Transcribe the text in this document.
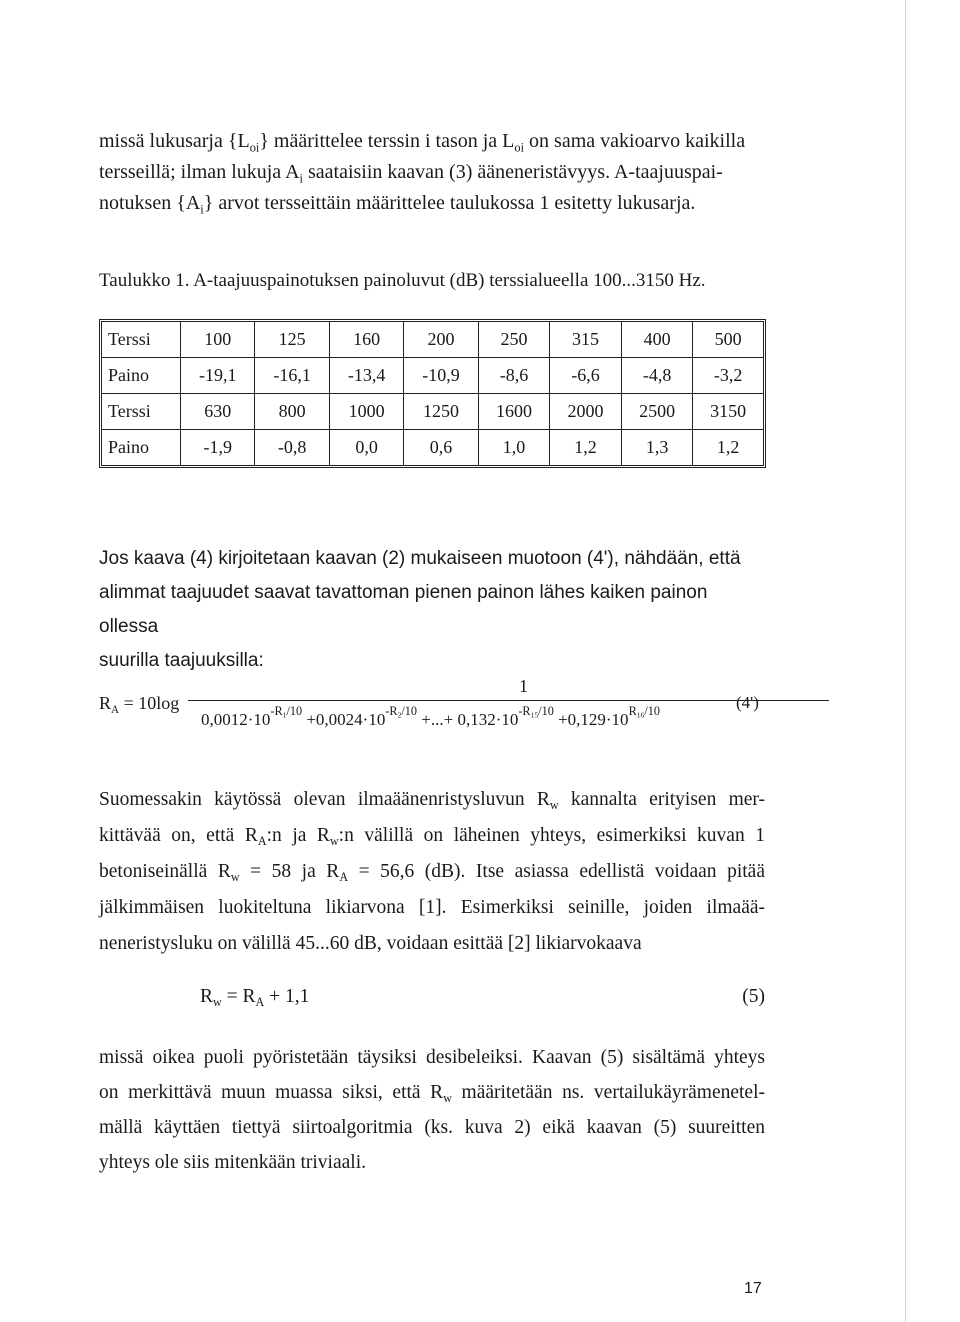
missä lukusarja $\{L_{oi}\}$ määrittelee terssin i tason ja $L_{oi}$ on sama vakioarvo kaikilla
tersseillä; ilman lukuja $A_i$ saataisiin kaavan (3) ääneneristävyys. A-taajuuspai-
notuksen $\{A_i\}$ arvot tersseittäin määrittelee taulukossa 1 esitetty lukusarja.

Taulukko 1. A-taajuuspainotuksen painoluvut (dB) terssialueella 100...3150 Hz.

Terssi	100	125	160	200	250	315	400	500
Paino	-19,1	-16,1	-13,4	-10,9	-8,6	-6,6	-4,8	-3,2
Terssi	630	800	1000	1250	1600	2000	2500	3150
Paino	-1,9	-0,8	0,0	0,6	1,0	1,2	1,3	1,2

Jos kaava (4) kirjoitetaan kaavan (2) mukaiseen muotoon (4'), nähdään, että
alimmat taajuudet saavat tavattoman pienen painon lähes kaiken painon ollessa
suurilla taajuuksilla:

$R_A = 10\log$
1
$0,0012\cdot 10^{-R_1/10} +0,0024\cdot 10^{-R_2/10}$ +...+ $0,132\cdot 10^{-R_{15}/10} +0,129\cdot 10^{R_{16}/10}$	(4')

Suomessakin käytössä olevan ilmaäänenristysluvun $R_w$ kannalta erityisen mer-
kittävää on, että $R_A:n$ ja $R_w:n$ välillä on läheinen yhteys, esimerkiksi kuvan 1
betoniseinällä $R_w = 58$ ja $R_A = 56,6$ (dB). Itse asiassa edellistä voidaan pitää
jälkimmäisen luokiteltuna likiarvona [1]. Esimerkiksi seinille, joiden ilmaää-
neneristysluku on välillä 45...60 dB, voidaan esittää [2] likiarvokaava

$R_w = R_A + 1,1$	(5)

missä oikea puoli pyöristetään täysiksi desibeleiksi. Kaavan (5) sisältämä yhteys
on merkittävä muun muassa siksi, että $R_w$ määritetään ns. vertailukäyrämenetel-
mällä käyttäen tiettyä siirtoalgoritmia (ks. kuva 2) eikä kaavan (5) suureitten
yhteys ole siis mitenkään triviaali.

17
